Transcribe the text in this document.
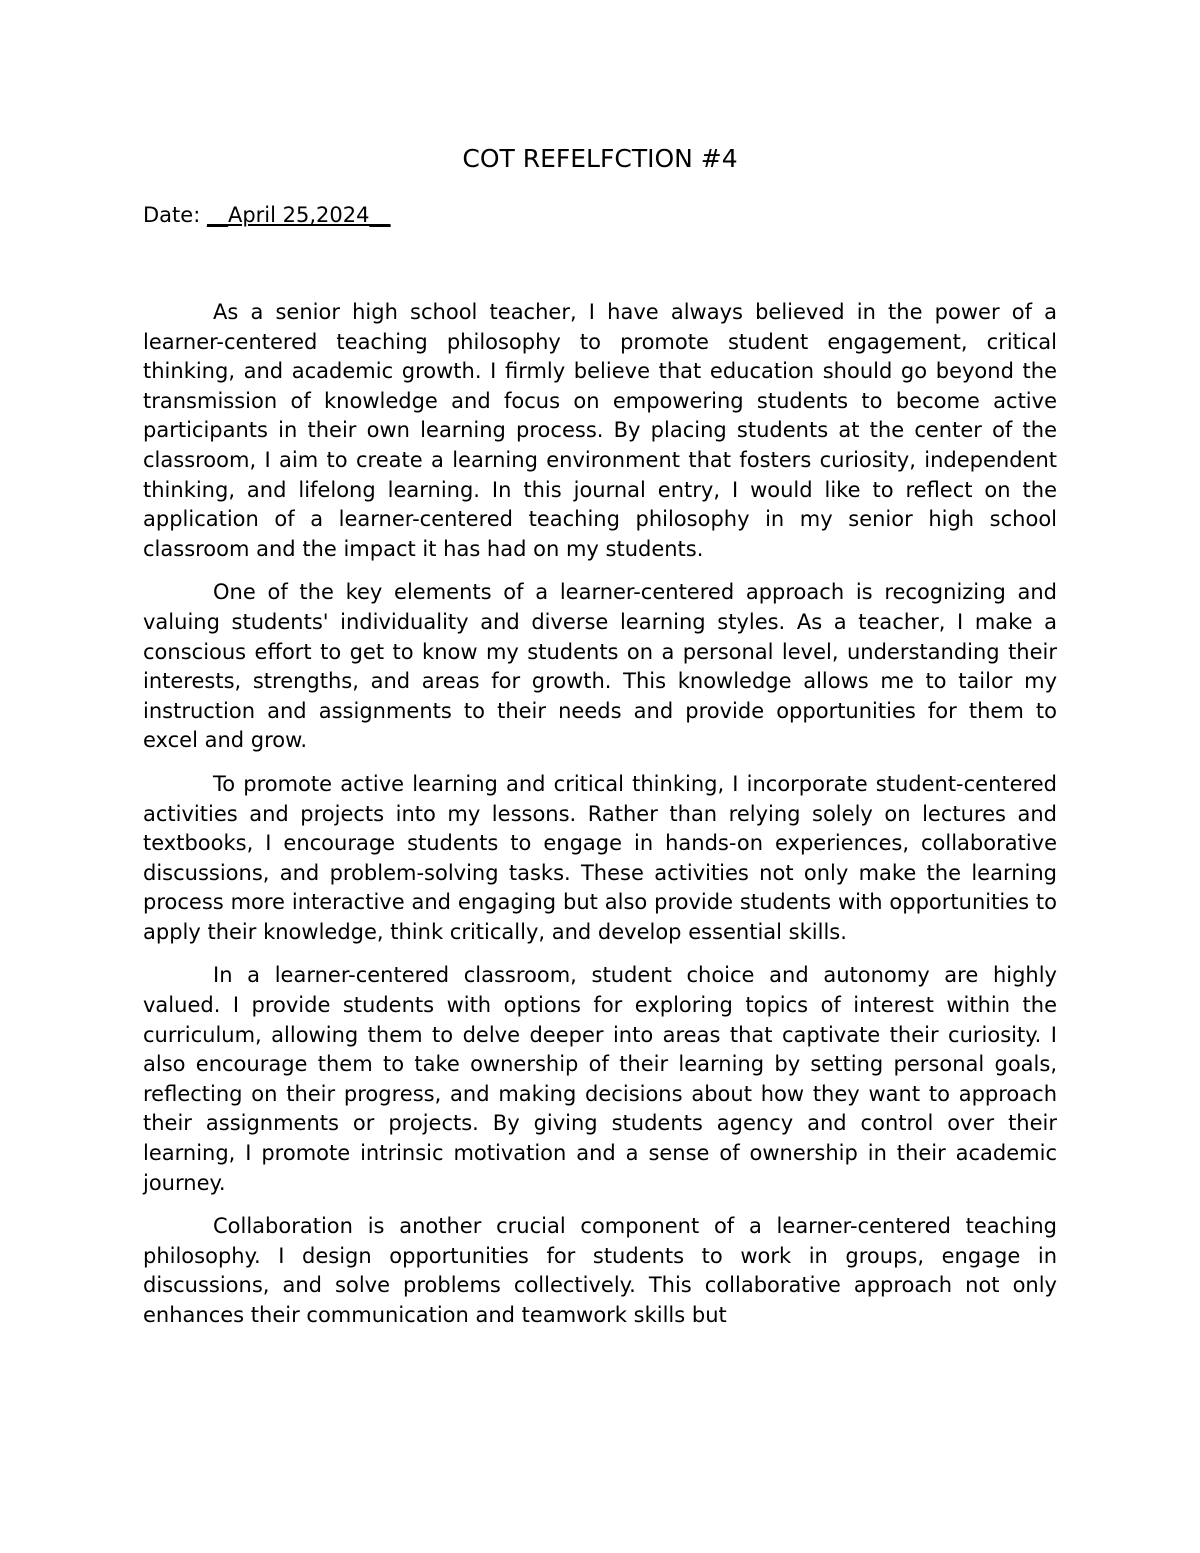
COT REFELFCTION #4

Date: __April 25,2024__

As a senior high school teacher, I have always believed in the power of a learner-centered teaching philosophy to promote student engagement, critical thinking, and academic growth. I firmly believe that education should go beyond the transmission of knowledge and focus on empowering students to become active participants in their own learning process. By placing students at the center of the classroom, I aim to create a learning environment that fosters curiosity, independent thinking, and lifelong learning. In this journal entry, I would like to reflect on the application of a learner-centered teaching philosophy in my senior high school classroom and the impact it has had on my students.

One of the key elements of a learner-centered approach is recognizing and valuing students' individuality and diverse learning styles. As a teacher, I make a conscious effort to get to know my students on a personal level, understanding their interests, strengths, and areas for growth. This knowledge allows me to tailor my instruction and assignments to their needs and provide opportunities for them to excel and grow.

To promote active learning and critical thinking, I incorporate student-centered activities and projects into my lessons. Rather than relying solely on lectures and textbooks, I encourage students to engage in hands-on experiences, collaborative discussions, and problem-solving tasks. These activities not only make the learning process more interactive and engaging but also provide students with opportunities to apply their knowledge, think critically, and develop essential skills.

In a learner-centered classroom, student choice and autonomy are highly valued. I provide students with options for exploring topics of interest within the curriculum, allowing them to delve deeper into areas that captivate their curiosity. I also encourage them to take ownership of their learning by setting personal goals, reflecting on their progress, and making decisions about how they want to approach their assignments or projects. By giving students agency and control over their learning, I promote intrinsic motivation and a sense of ownership in their academic journey.

Collaboration is another crucial component of a learner-centered teaching philosophy. I design opportunities for students to work in groups, engage in discussions, and solve problems collectively. This collaborative approach not only enhances their communication and teamwork skills but
